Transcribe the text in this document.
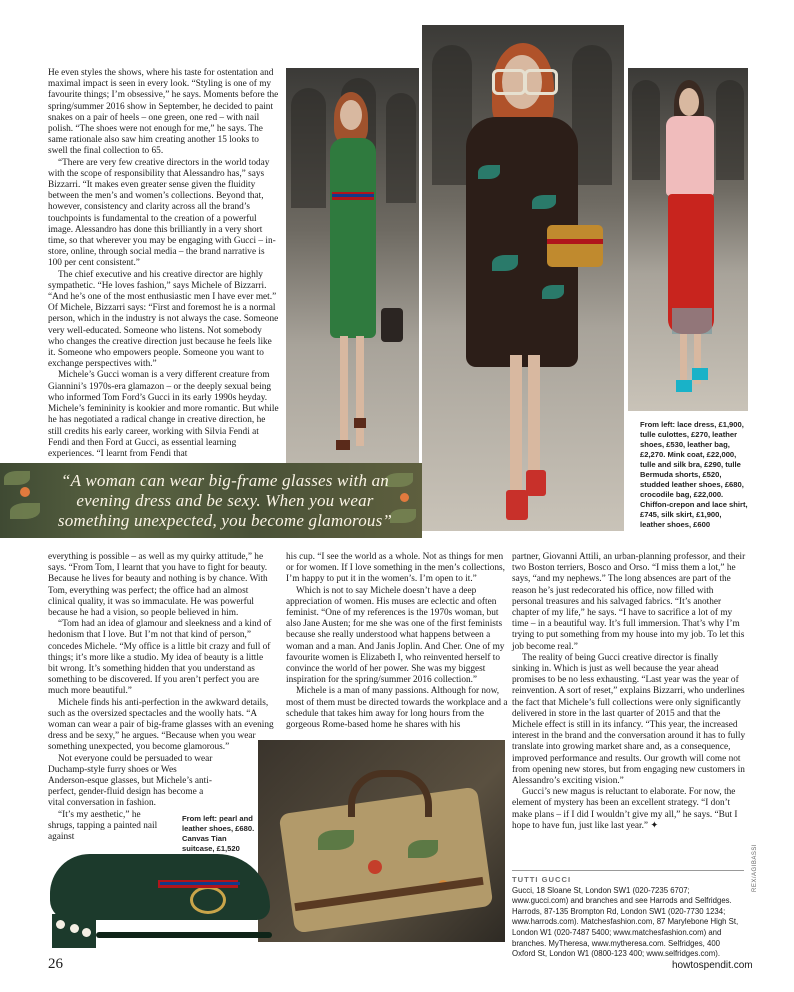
He even styles the shows, where his taste for ostentation and maximal impact is seen in every look. “Styling is one of my favourite things; I’m obsessive,” he says. Moments before the spring/summer 2016 show in September, he decided to paint snakes on a pair of heels – one green, one red – with nail polish. “The shoes were not enough for me,” he says. The same rationale also saw him creating another 15 looks to swell the final collection to 65.

“There are very few creative directors in the world today with the scope of responsibility that Alessandro has,” says Bizzarri. “It makes even greater sense given the fluidity between the men’s and women’s collections. Beyond that, however, consistency and clarity across all the brand’s touchpoints is fundamental to the creation of a powerful image. Alessandro has done this brilliantly in a very short time, so that wherever you may be engaging with Gucci – in-store, online, through social media – the brand narrative is 100 per cent consistent.”

The chief executive and his creative director are highly sympathetic. “He loves fashion,” says Michele of Bizzarri. “And he’s one of the most enthusiastic men I have ever met.” Of Michele, Bizzarri says: “First and foremost he is a normal person, which in the industry is not always the case. Someone very well-educated. Someone who listens. Not somebody who changes the creative direction just because he feels like it. Someone who empowers people. Someone you want to exchange perspectives with.”

Michele’s Gucci woman is a very different creature from Giannini’s 1970s-era glamazon – or the deeply sexual being who informed Tom Ford’s Gucci in its early 1990s heyday. Michele’s femininity is kookier and more romantic. But while he has negotiated a radical change in creative direction, he still credits his early career, working with Silvia Fendi at Fendi and then Ford at Gucci, as essential learning experiences. “I learnt from Fendi that

From left: lace dress, £1,900, tulle culottes, £270, leather shoes, £530, leather bag, £2,270. Mink coat, £22,000, tulle and silk bra, £290, tulle Bermuda shorts, £520, studded leather shoes, £680, crocodile bag, £22,000. Chiffon-crepon and lace shirt, £745, silk skirt, £1,900, leather shoes, £600
“A woman can wear big-frame glasses with an evening dress and be sexy. When you wear something unexpected, you become glamorous”

everything is possible – as well as my quirky attitude,” he says. “From Tom, I learnt that you have to fight for beauty. Because he lives for beauty and nothing is by chance. With Tom, everything was perfect; the office had an almost clinical quality, it was so immaculate. He was powerful because he had a vision, so people believed in him.

“Tom had an idea of glamour and sleekness and a kind of hedonism that I love. But I’m not that kind of person,” concedes Michele. “My office is a little bit crazy and full of things; it’s more like a studio. My idea of beauty is a little bit wrong. It’s something hidden that you understand as something to be discovered. If you aren’t perfect you are much more beautiful.”

Michele finds his anti-perfection in the awkward details, such as the oversized spectacles and the woolly hats. “A woman can wear a pair of big-frame glasses with an evening dress and be sexy,” he argues. “Because when you wear something unexpected, you become glamorous.”

Not everyone could be persuaded to wear Duchamp-style furry shoes or Wes Anderson-esque glasses, but Michele’s anti-perfect, gender-fluid design has become a vital conversation in fashion.

“It’s my aesthetic,” he shrugs, tapping a painted nail against

his cup. “I see the world as a whole. Not as things for men or for women. If I love something in the men’s collections, I’m happy to put it in the women’s. I’m open to it.”

Which is not to say Michele doesn’t have a deep appreciation of women. His muses are eclectic and often feminist. “One of my references is the 1970s woman, but also Jane Austen; for me she was one of the first feminists because she really understood what happens between a woman and a man. And Janis Joplin. And Cher. One of my favourite women is Elizabeth I, who reinvented herself to convince the world of her power. She was my biggest inspiration for the spring/summer 2016 collection.”

Michele is a man of many passions. Although for now, most of them must be directed towards the workplace and a schedule that takes him away for long hours from the gorgeous Rome-based home he shares with his

partner, Giovanni Attili, an urban-planning professor, and their two Boston terriers, Bosco and Orso. “I miss them a lot,” he says, “and my nephews.” The long absences are part of the reason he’s just redecorated his office, now filled with personal treasures and his salvaged fabrics. “It’s another chapter of my life,” he says. “I have to sacrifice a lot of my time – in a beautiful way. It’s full immersion. That’s why I’m trying to put something from my house into my job. To let this job become real.”

The reality of being Gucci creative director is finally sinking in. Which is just as well because the year ahead promises to be no less exhausting. “Last year was the year of reinvention. A sort of reset,” explains Bizzarri, who underlines the fact that Michele’s full collections were only significantly delivered in store in the last quarter of 2015 and that the Michele effect is still in its infancy. “This year, the increased interest in the brand and the conversation around it has to fully translate into growing market share and, as a consequence, improved performance and results. Our growth will come not from opening new stores, but from engaging new customers in Alessandro’s exciting vision.”

Gucci’s new magus is reluctant to elaborate. For now, the element of mystery has been an excellent strategy. “I don’t make plans – if I did I wouldn’t give my all,” he says. “But I hope to have fun, just like last year.” ✦

From left: pearl and leather shoes, £680. Canvas Tian suitcase, £1,520
TUTTI GUCCI
Gucci, 18 Sloane St, London SW1 (020-7235 6707; www.gucci.com) and branches and see Harrods and Selfridges. Harrods, 87-135 Brompton Rd, London SW1 (020-7730 1234; www.harrods.com). Matchesfashion.com, 87 Marylebone High St, London W1 (020-7487 5400; www.matchesfashion.com) and branches. MyTheresa, www.mytheresa.com. Selfridges, 400 Oxford St, London W1 (0800-123 400; www.selfridges.com).
REX/AGIBASSI
26	howtospendit.com
